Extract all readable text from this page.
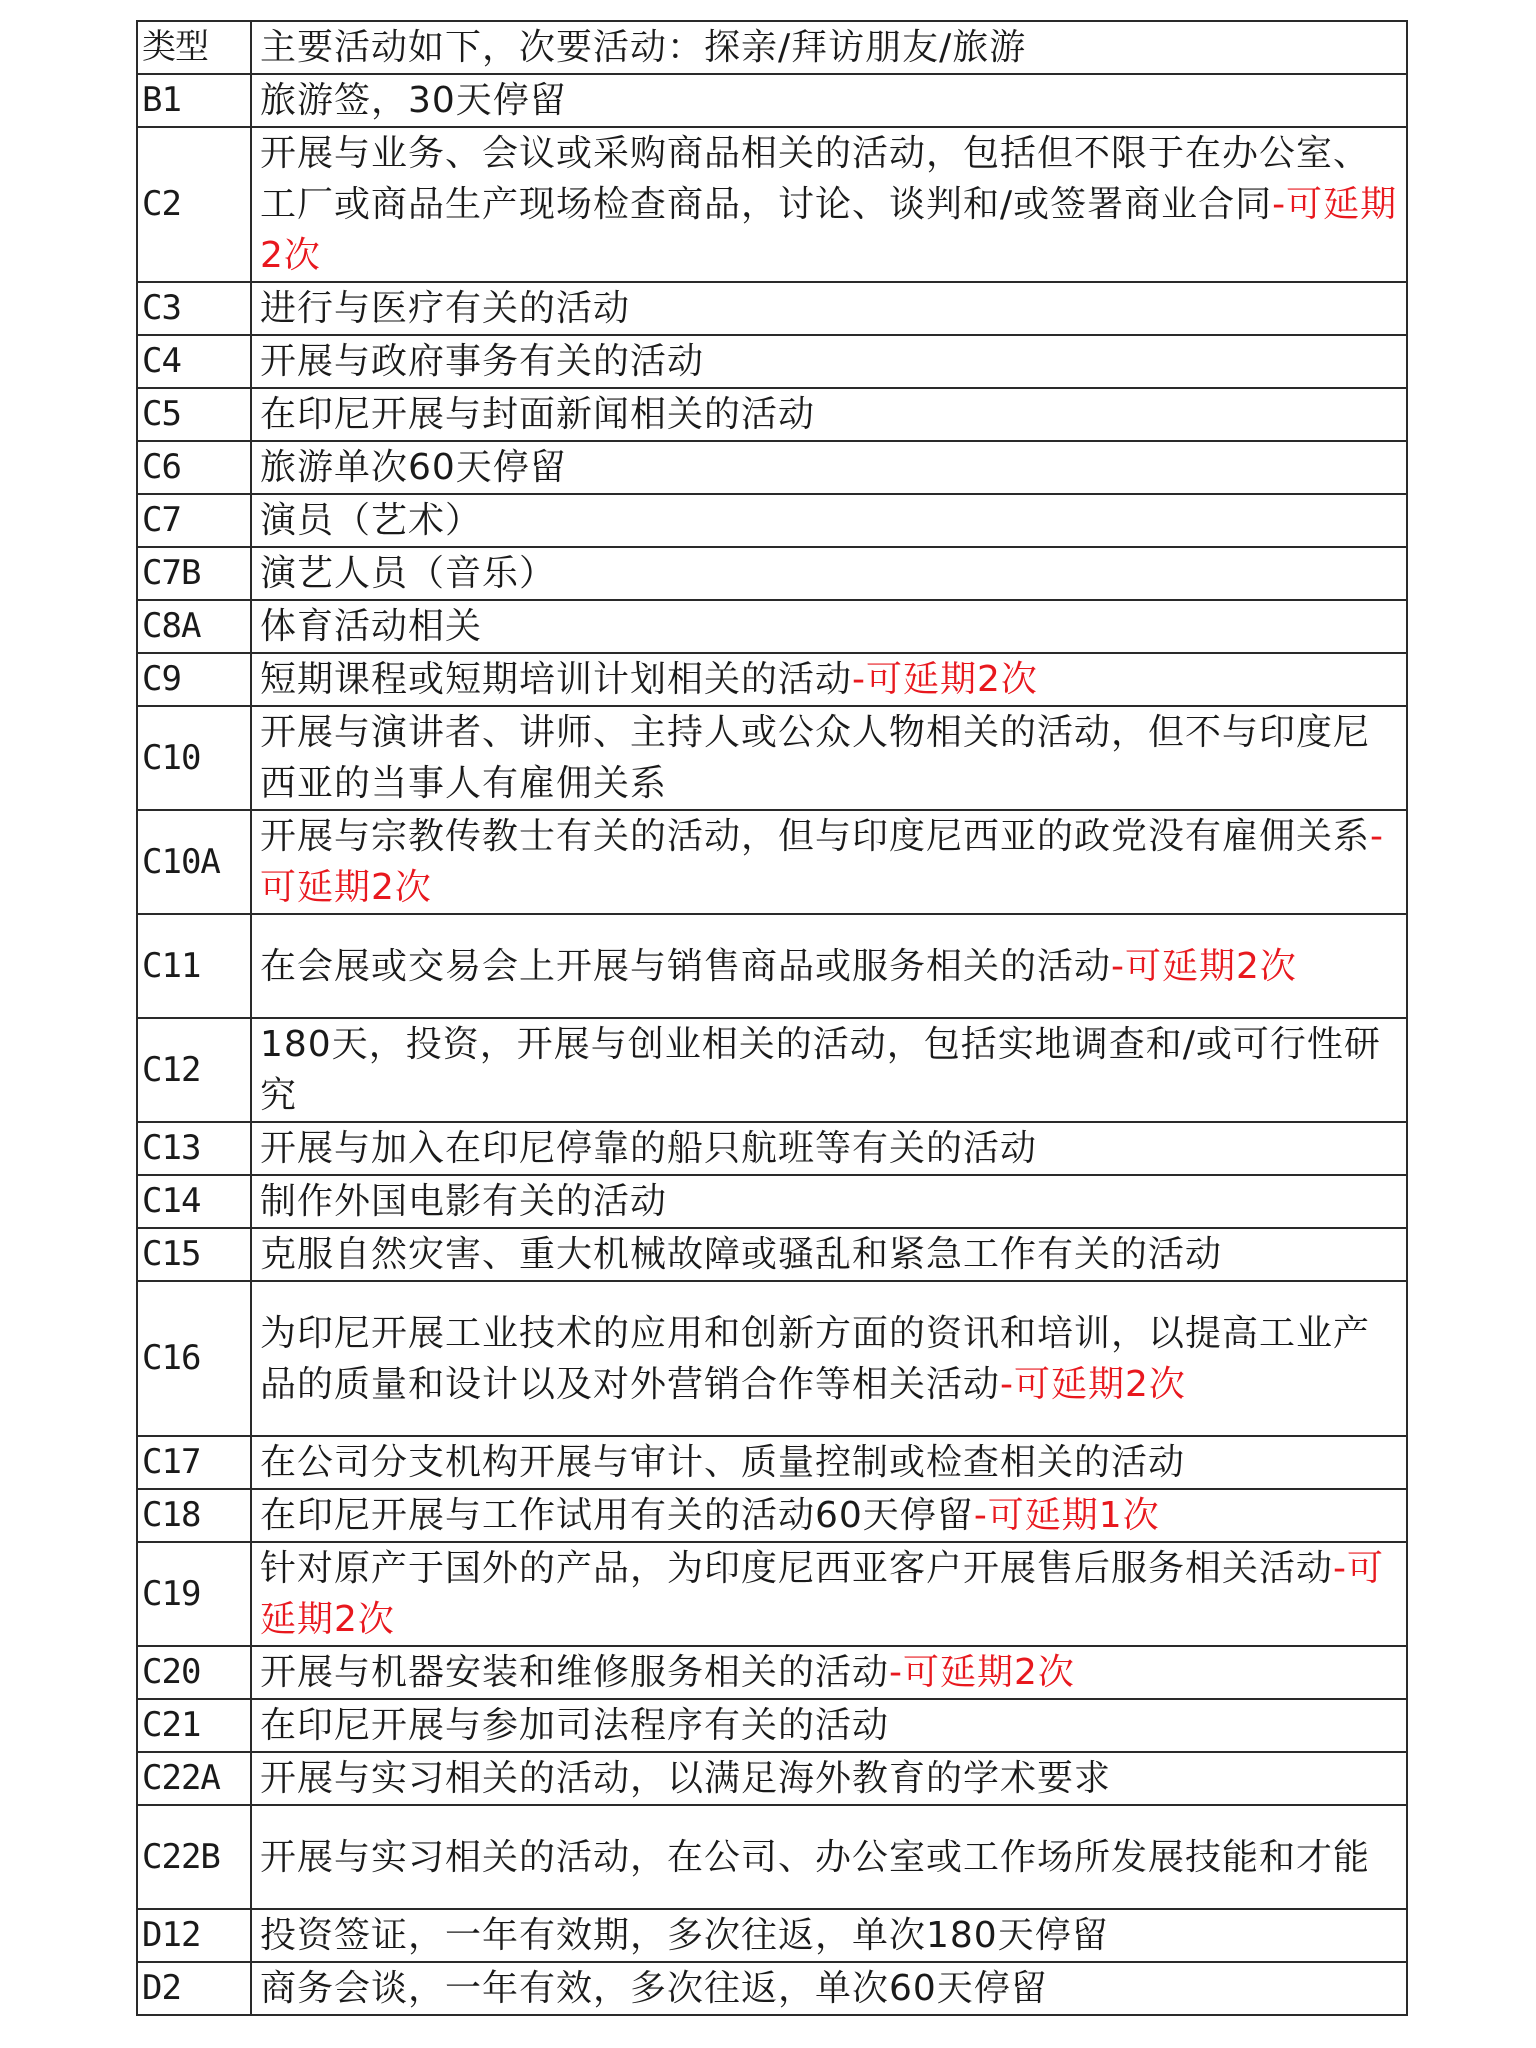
类型	主要活动如下，次要活动：探亲/拜访朋友/旅游
B1	旅游签，30天停留
C2	开展与业务、会议或采购商品相关的活动，包括但不限于在办公室、工厂或商品生产现场检查商品，讨论、谈判和/或签署商业合同-可延期2次
C3	进行与医疗有关的活动
C4	开展与政府事务有关的活动
C5	在印尼开展与封面新闻相关的活动
C6	旅游单次60天停留
C7	演员（艺术）
C7B	演艺人员（音乐）
C8A	体育活动相关
C9	短期课程或短期培训计划相关的活动-可延期2次
C10	开展与演讲者、讲师、主持人或公众人物相关的活动，但不与印度尼西亚的当事人有雇佣关系
C10A	开展与宗教传教士有关的活动，但与印度尼西亚的政党没有雇佣关系-可延期2次
C11	在会展或交易会上开展与销售商品或服务相关的活动-可延期2次
C12	180天，投资，开展与创业相关的活动，包括实地调查和/或可行性研究
C13	开展与加入在印尼停靠的船只航班等有关的活动
C14	制作外国电影有关的活动
C15	克服自然灾害、重大机械故障或骚乱和紧急工作有关的活动
C16	为印尼开展工业技术的应用和创新方面的资讯和培训，以提高工业产品的质量和设计以及对外营销合作等相关活动-可延期2次
C17	在公司分支机构开展与审计、质量控制或检查相关的活动
C18	在印尼开展与工作试用有关的活动60天停留-可延期1次
C19	针对原产于国外的产品，为印度尼西亚客户开展售后服务相关活动-可延期2次
C20	开展与机器安装和维修服务相关的活动-可延期2次
C21	在印尼开展与参加司法程序有关的活动
C22A	开展与实习相关的活动，以满足海外教育的学术要求
C22B	开展与实习相关的活动，在公司、办公室或工作场所发展技能和才能
D12	投资签证，一年有效期，多次往返，单次180天停留
D2	商务会谈，一年有效，多次往返，单次60天停留
